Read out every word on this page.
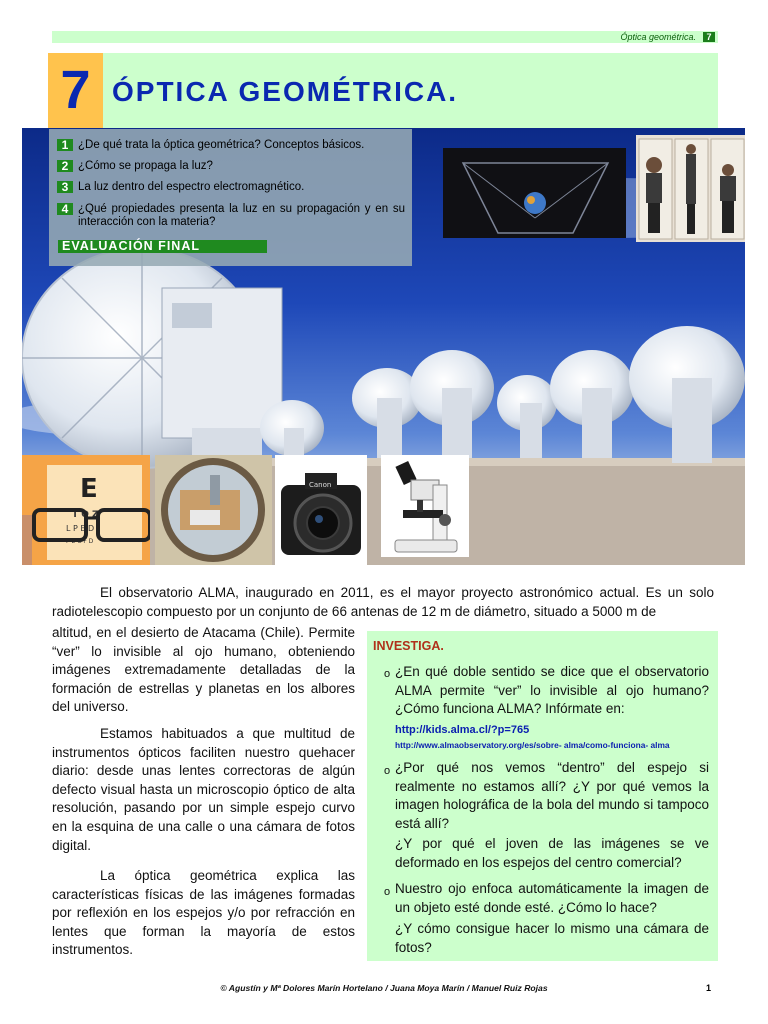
Óptica geométrica.	7
7 ÓPTICA GEOMÉTRICA.
E
T O Z
L P E D
P E C F D
Canon
1 ¿De qué trata la óptica geométrica? Conceptos básicos.
2 ¿Cómo se propaga la luz?
3 La luz dentro del espectro electromagnético.
4 ¿Qué propiedades presenta la luz en su propagación y en su interacción con la materia?
EVALUACIÓN FINAL
El observatorio ALMA, inaugurado en 2011, es el mayor proyecto astronómico actual. Es un solo radiotelescopio compuesto por un conjunto de 66 antenas de 12 m de diámetro, situado a 5000 m de
altitud, en el desierto de Atacama (Chile). Permite “ver” lo invisible al ojo humano, obteniendo imágenes extremadamente detalladas de la formación de estrellas y planetas en los albores del universo.
Estamos habituados a que multitud de instrumentos ópticos faciliten nuestro quehacer diario: desde unas lentes correctoras de algún defecto visual hasta un microscopio óptico de alta resolución, pasando por un simple espejo curvo en la esquina de una calle o una cámara de fotos digital.
La óptica geométrica explica las características físicas de las imágenes formadas por reflexión en los espejos y/o por refracción en lentes que forman la mayoría de estos instrumentos.
INVESTIGA.
o ¿En qué doble sentido se dice que el observatorio ALMA permite “ver” lo invisible al ojo humano? ¿Cómo funciona ALMA? Infórmate en:
http://kids.alma.cl/?p=765
http://www.almaobservatory.org/es/sobre- alma/como-funciona- alma
o ¿Por qué nos vemos “dentro” del espejo si realmente no estamos allí? ¿Y por qué vemos la imagen holográfica de la bola del mundo si tampoco está allí?
¿Y por qué el joven de las imágenes se ve deformado en los espejos del centro comercial?
o Nuestro ojo enfoca automáticamente la imagen de un objeto esté donde esté. ¿Cómo lo hace?
¿Y cómo consigue hacer lo mismo una cámara de fotos?
© Agustín y Mª Dolores Marín Hortelano / Juana Moya Marín / Manuel Ruiz Rojas	1
